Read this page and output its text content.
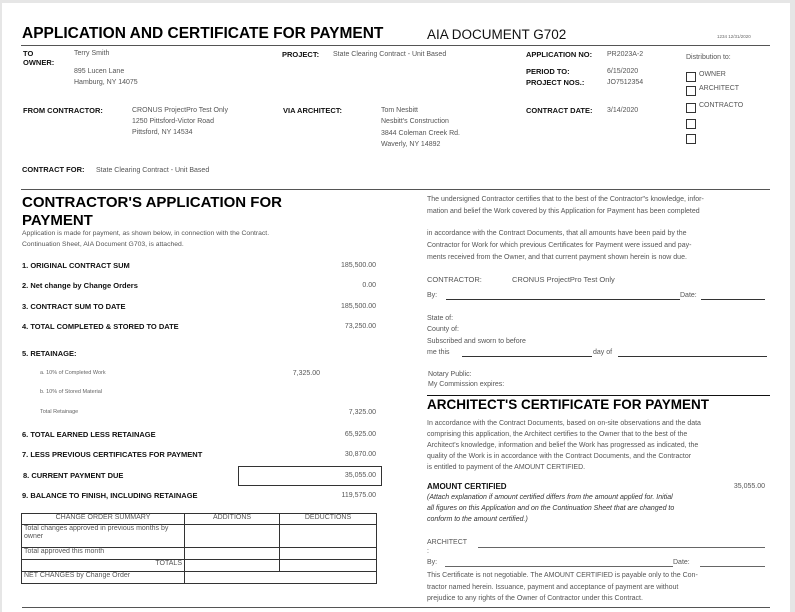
APPLICATION AND CERTIFICATE FOR PAYMENT	AIA DOCUMENT G702	1234 12/31/2020
TO
OWNER:
Terry Smith
895 Lucen Lane
Hamburg, NY 14075
PROJECT: State Clearing Contract - Unit Based	APPLICATION NO: PR2023A-2
PERIOD TO:	6/15/2020
PROJECT NOS.:	JO7512354
CONTRACT DATE: 3/14/2020
Distribution to:
OWNER
ARCHITECT
CONTRACTO
FROM CONTRACTOR:	CRONUS ProjectPro Test Only
1250 Pittsford-Victor Road
Pittsford, NY 14534
VIA ARCHITECT:	Tom Nesbitt
Nesbitt's Construction
3844 Coleman Creek Rd.
Waverly, NY 14892
CONTRACT FOR: State Clearing Contract - Unit Based
CONTRACTOR'S APPLICATION FOR
PAYMENT
Application is made for payment, as shown below, in connection with the Contract.
Continuation Sheet, AIA Document G703, is attached.
1. ORIGINAL CONTRACT SUM	185,500.00
2. Net change by Change Orders	0.00
3. CONTRACT SUM TO DATE	185,500.00
4. TOTAL COMPLETED & STORED TO DATE	73,250.00
5. RETAINAGE:
a. 10% of Completed Work	7,325.00
b. 10% of Stored Material
Total Retainage	7,325.00
6. TOTAL EARNED LESS RETAINAGE	65,925.00
7. LESS PREVIOUS CERTIFICATES FOR PAYMENT	30,870.00
8. CURRENT PAYMENT DUE	35,055.00
9. BALANCE TO FINISH, INCLUDING RETAINAGE	119,575.00
CHANGE ORDER SUMMARY	ADDITIONS	DEDUCTIONS
Total changes approved in previous months by owner		
Total approved this month		
TOTALS		
NET CHANGES by Change Order		
The undersigned Contractor certifies that to the best of the Contractor"s knowledge, infor-
mation and belief the Work covered by this Application for Payment has been completed
in accordance with the Contract Documents, that all amounts have been paid by the
Contractor for Work for which previous Certificates for Payment were issued and pay-
ments received from the Owner, and that current payment shown herein is now due.
CONTRACTOR:	CRONUS ProjectPro Test Only
By:	Date:
State of:
County of:
Subscribed and sworn to before
me this	day of
Notary Public:
My Commission expires:
ARCHITECT'S CERTIFICATE FOR PAYMENT
In accordance with the Contract Documents, based on on-site observations and the data
comprising this application, the Architect certifies to the Owner that to the best of the
Architect's knowledge, information and belief the Work has progressed as indicated, the
quality of the Work is in accordance with the Contract Documents, and the Contractor
is entitled to payment of the AMOUNT CERTIFIED.
AMOUNT CERTIFIED	35,055.00
(Attach explanation if amount certified differs from the amount applied for. Initial
all figures on this Application and on the Continuation Sheet that are changed to
conform to the amount certified.)
ARCHITECT
:
By:	Date:
This Certificate is not negotiable. The AMOUNT CERTIFIED is payable only to the Con-
tractor named herein. Issuance, payment and acceptance of payment are without
prejudice to any rights of the Owner of Contractor under this Contract.
